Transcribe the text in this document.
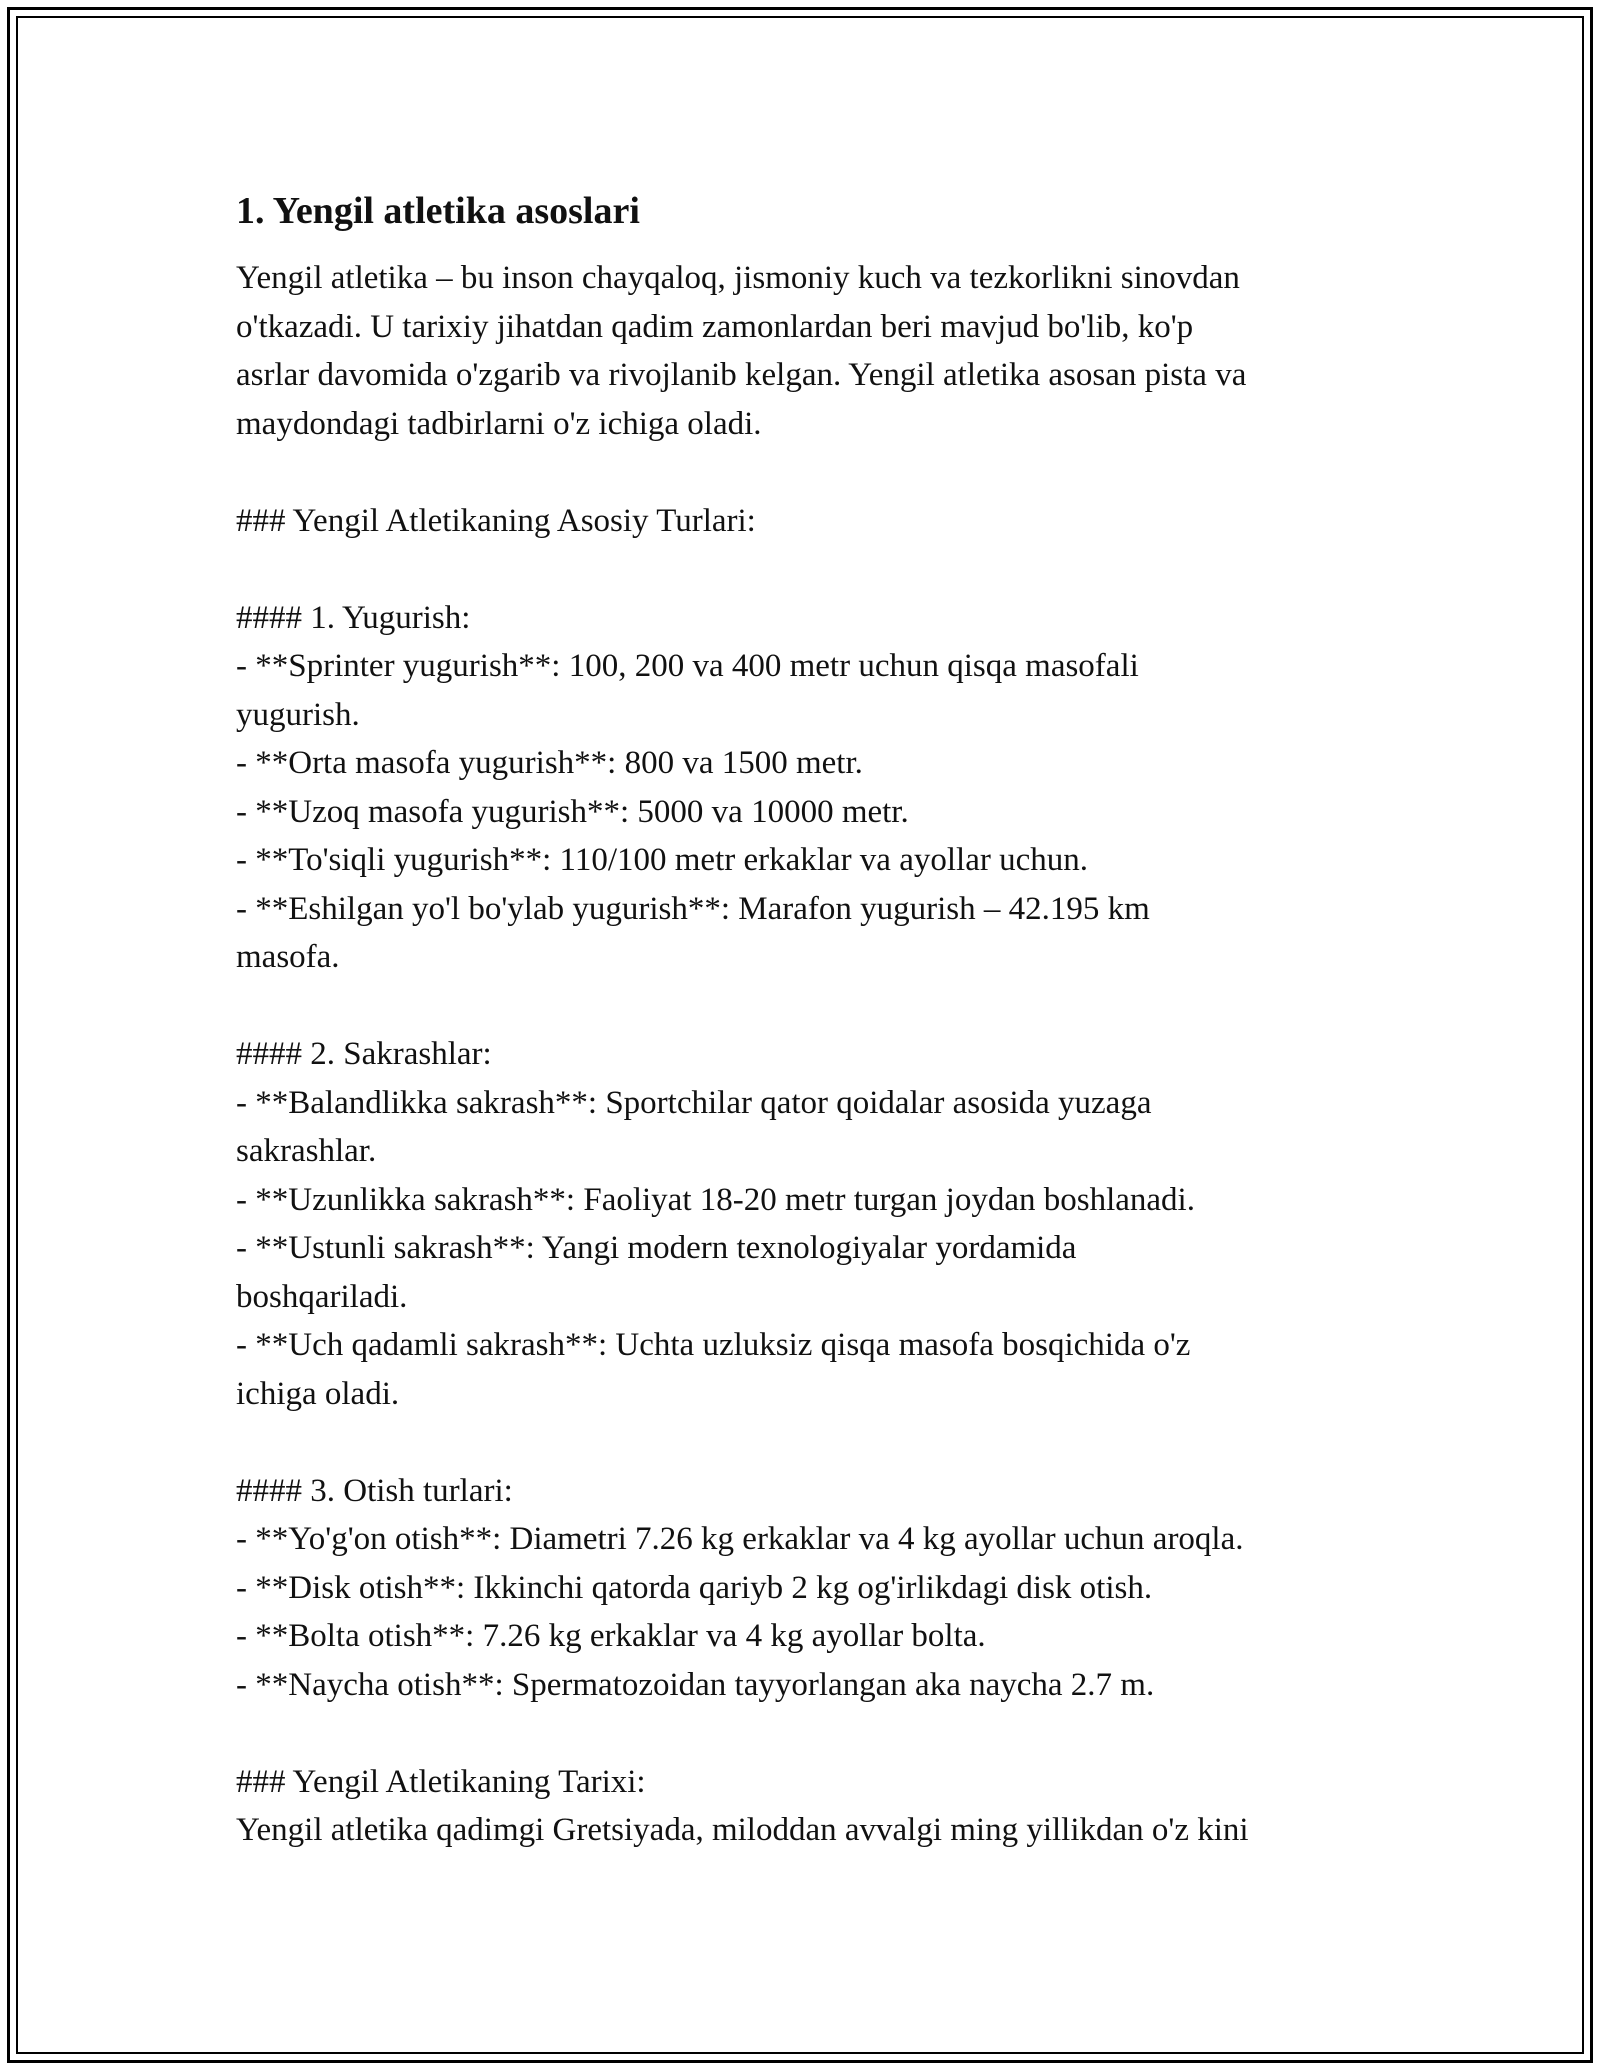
1. Yengil atletika asoslari
Yengil atletika – bu inson chayqaloq, jismoniy kuch va tezkorlikni sinovdan
o'tkazadi. U tarixiy jihatdan qadim zamonlardan beri mavjud bo'lib, ko'p
asrlar davomida o'zgarib va rivojlanib kelgan. Yengil atletika asosan pista va
maydondagi tadbirlarni o'z ichiga oladi.
### Yengil Atletikaning Asosiy Turlari:
#### 1. Yugurish:
- **Sprinter yugurish**: 100, 200 va 400 metr uchun qisqa masofali
yugurish.
- **Orta masofa yugurish**: 800 va 1500 metr.
- **Uzoq masofa yugurish**: 5000 va 10000 metr.
- **To'siqli yugurish**: 110/100 metr erkaklar va ayollar uchun.
- **Eshilgan yo'l bo'ylab yugurish**: Marafon yugurish – 42.195 km
masofa.
#### 2. Sakrashlar:
- **Balandlikka sakrash**: Sportchilar qator qoidalar asosida yuzaga
sakrashlar.
- **Uzunlikka sakrash**: Faoliyat 18-20 metr turgan joydan boshlanadi.
- **Ustunli sakrash**: Yangi modern texnologiyalar yordamida
boshqariladi.
- **Uch qadamli sakrash**: Uchta uzluksiz qisqa masofa bosqichida o'z
ichiga oladi.
#### 3. Otish turlari:
- **Yo'g'on otish**: Diametri 7.26 kg erkaklar va 4 kg ayollar uchun aroqla.
- **Disk otish**: Ikkinchi qatorda qariyb 2 kg og'irlikdagi disk otish.
- **Bolta otish**: 7.26 kg erkaklar va 4 kg ayollar bolta.
- **Naycha otish**: Spermatozoidan tayyorlangan aka naycha 2.7 m.
### Yengil Atletikaning Tarixi:
Yengil atletika qadimgi Gretsiyada, miloddan avvalgi ming yillikdan o'z kini
